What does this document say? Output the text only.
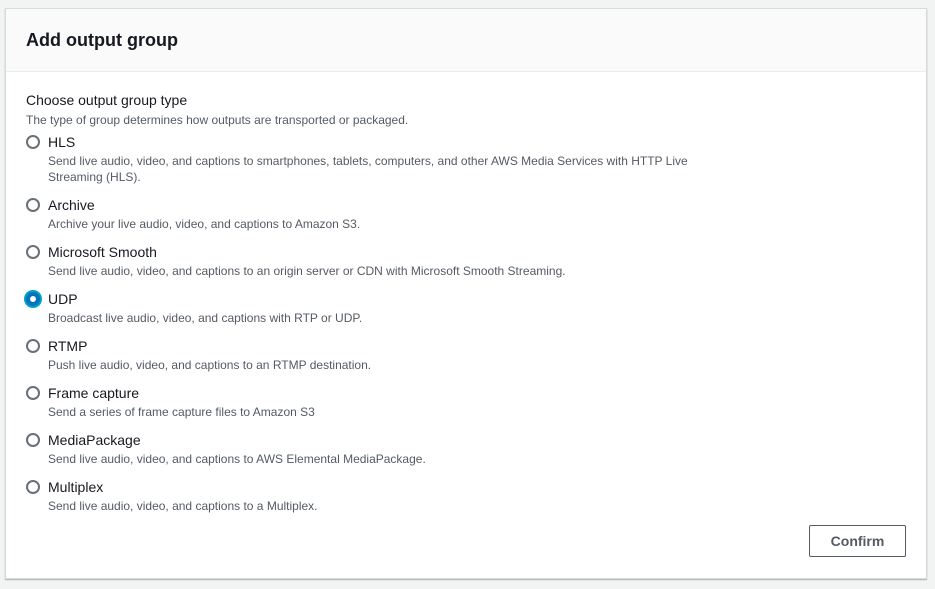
Add output group
Choose output group type
The type of group determines how outputs are transported or packaged.
HLS
Send live audio, video, and captions to smartphones, tablets, computers, and other AWS Media Services with HTTP Live Streaming (HLS).
Archive
Archive your live audio, video, and captions to Amazon S3.
Microsoft Smooth
Send live audio, video, and captions to an origin server or CDN with Microsoft Smooth Streaming.
UDP
Broadcast live audio, video, and captions with RTP or UDP.
RTMP
Push live audio, video, and captions to an RTMP destination.
Frame capture
Send a series of frame capture files to Amazon S3
MediaPackage
Send live audio, video, and captions to AWS Elemental MediaPackage.
Multiplex
Send live audio, video, and captions to a Multiplex.
Confirm
